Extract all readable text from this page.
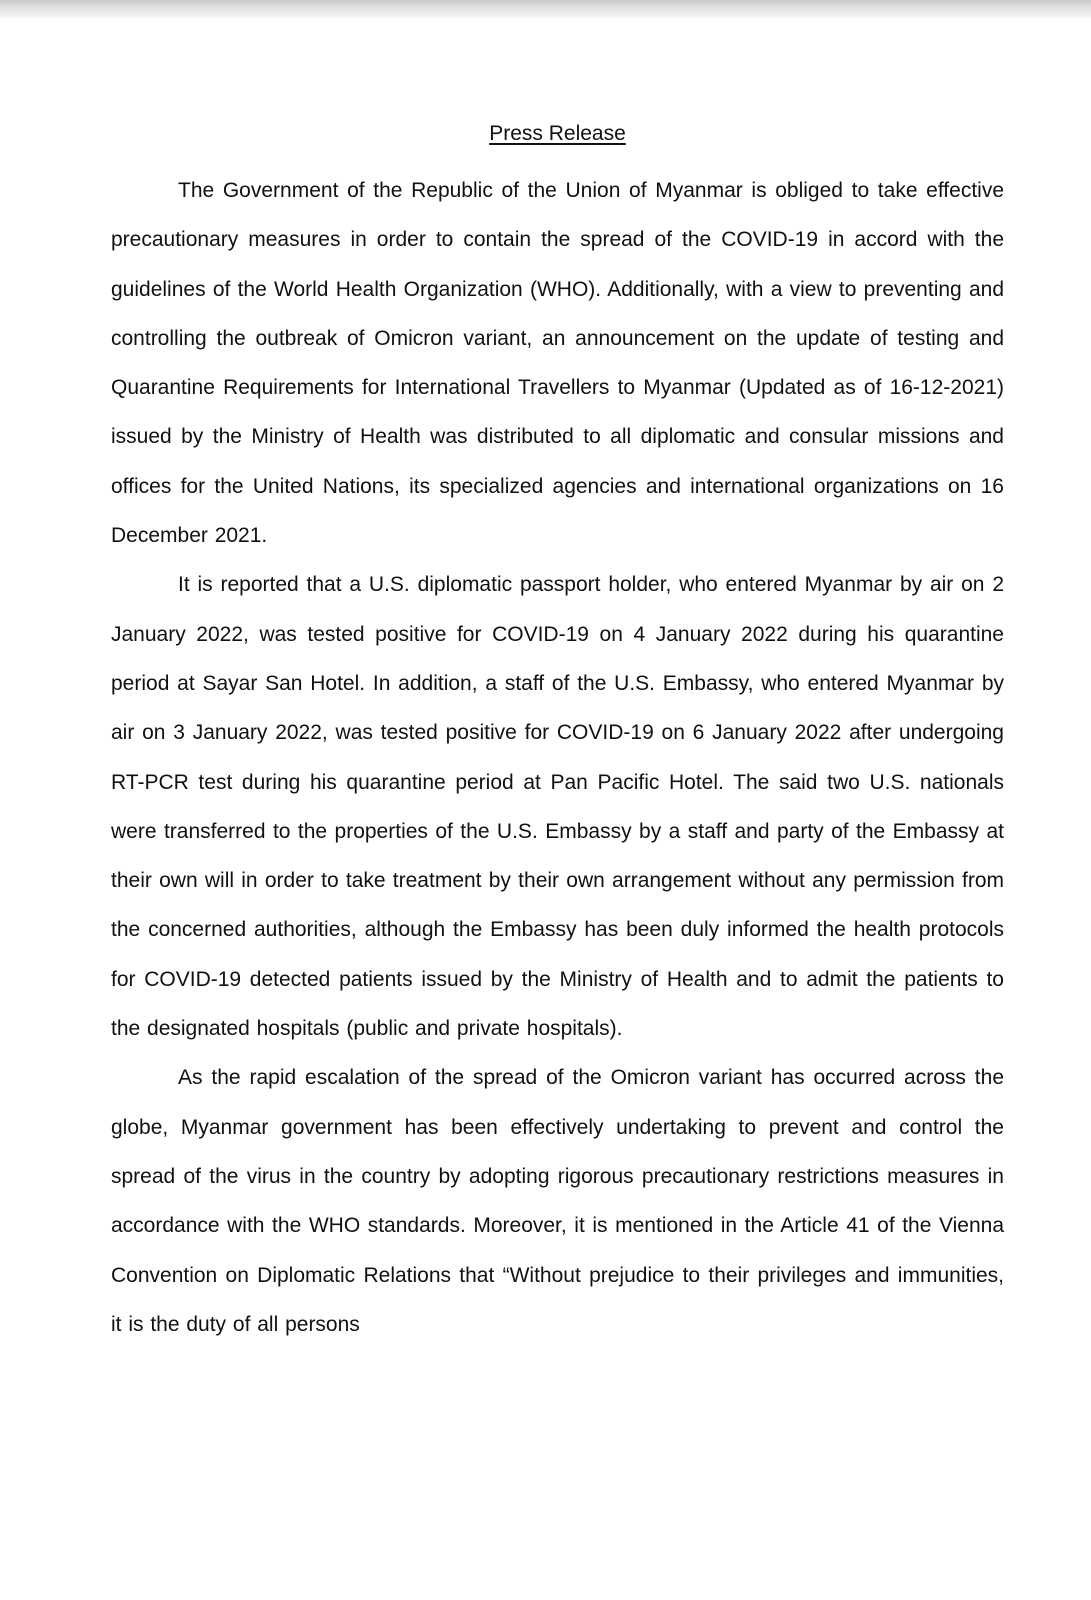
Press Release

The Government of the Republic of the Union of Myanmar is obliged to take effective precautionary measures in order to contain the spread of the COVID-19 in accord with the guidelines of the World Health Organization (WHO). Additionally, with a view to preventing and controlling the outbreak of Omicron variant, an announcement on the update of testing and Quarantine Requirements for International Travellers to Myanmar (Updated as of 16-12-2021) issued by the Ministry of Health was distributed to all diplomatic and consular missions and offices for the United Nations, its specialized agencies and international organizations on 16 December 2021.

It is reported that a U.S. diplomatic passport holder, who entered Myanmar by air on 2 January 2022, was tested positive for COVID-19 on 4 January 2022 during his quarantine period at Sayar San Hotel. In addition, a staff of the U.S. Embassy, who entered Myanmar by air on 3 January 2022, was tested positive for COVID-19 on 6 January 2022 after undergoing RT-PCR test during his quarantine period at Pan Pacific Hotel. The said two U.S. nationals were transferred to the properties of the U.S. Embassy by a staff and party of the Embassy at their own will in order to take treatment by their own arrangement without any permission from the concerned authorities, although the Embassy has been duly informed the health protocols for COVID-19 detected patients issued by the Ministry of Health and to admit the patients to the designated hospitals (public and private hospitals).

As the rapid escalation of the spread of the Omicron variant has occurred across the globe, Myanmar government has been effectively undertaking to prevent and control the spread of the virus in the country by adopting rigorous precautionary restrictions measures in accordance with the WHO standards. Moreover, it is mentioned in the Article 41 of the Vienna Convention on Diplomatic Relations that “Without prejudice to their privileges and immunities, it is the duty of all persons
